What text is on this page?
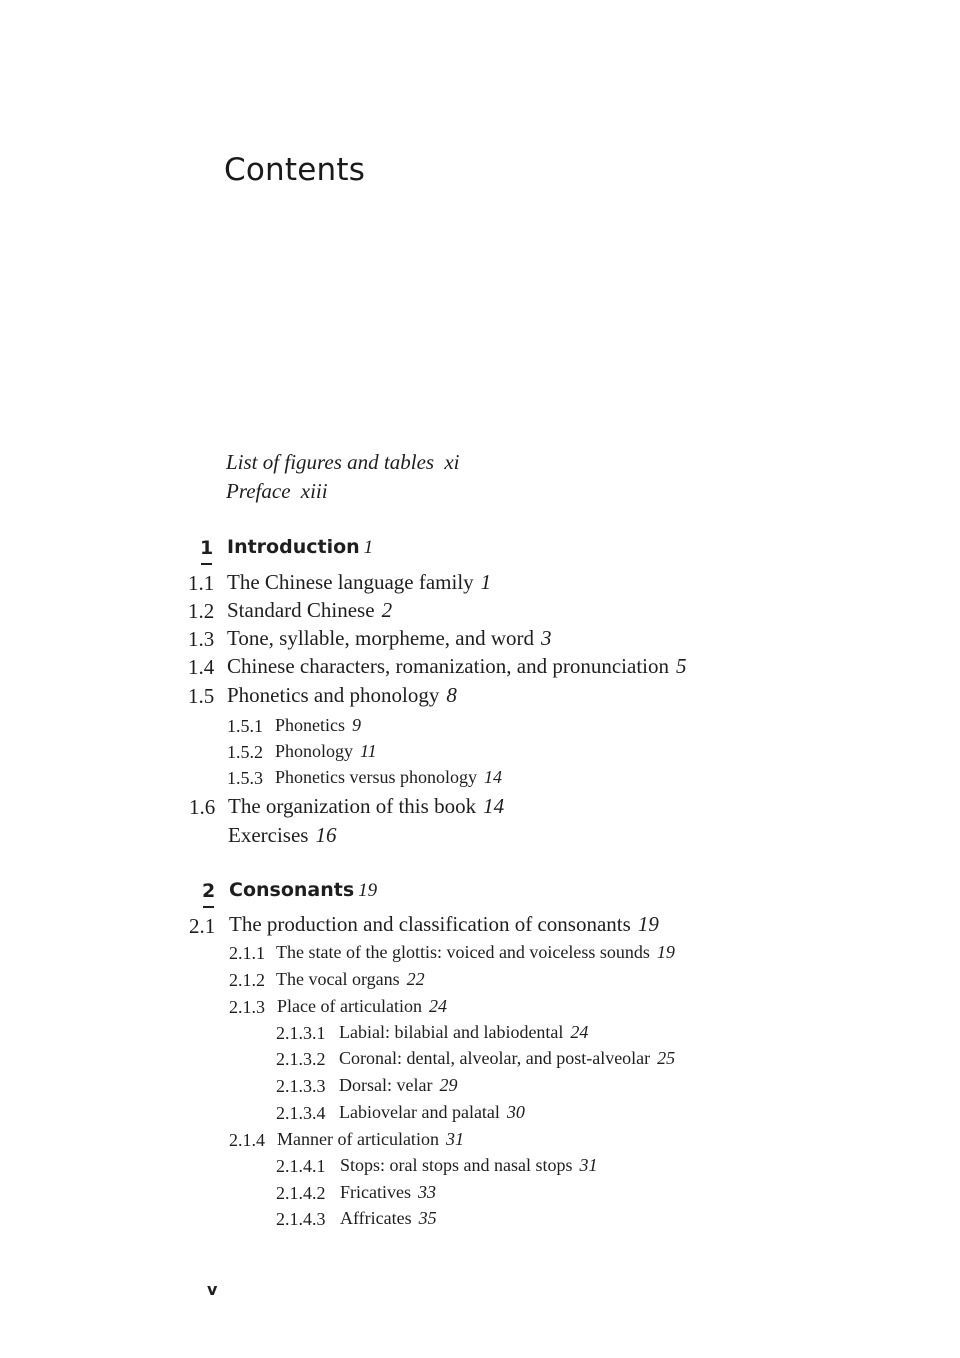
Contents
List of figures and tables xi
Preface xiii
1 Introduction 1
1.1 The Chinese language family 1
1.2 Standard Chinese 2
1.3 Tone, syllable, morpheme, and word 3
1.4 Chinese characters, romanization, and pronunciation 5
1.5 Phonetics and phonology 8
1.5.1 Phonetics 9
1.5.2 Phonology 11
1.5.3 Phonetics versus phonology 14
1.6 The organization of this book 14
Exercises 16
2 Consonants 19
2.1 The production and classification of consonants 19
2.1.1 The state of the glottis: voiced and voiceless sounds 19
2.1.2 The vocal organs 22
2.1.3 Place of articulation 24
2.1.3.1 Labial: bilabial and labiodental 24
2.1.3.2 Coronal: dental, alveolar, and post-alveolar 25
2.1.3.3 Dorsal: velar 29
2.1.3.4 Labiovelar and palatal 30
2.1.4 Manner of articulation 31
2.1.4.1 Stops: oral stops and nasal stops 31
2.1.4.2 Fricatives 33
2.1.4.3 Affricates 35
v
